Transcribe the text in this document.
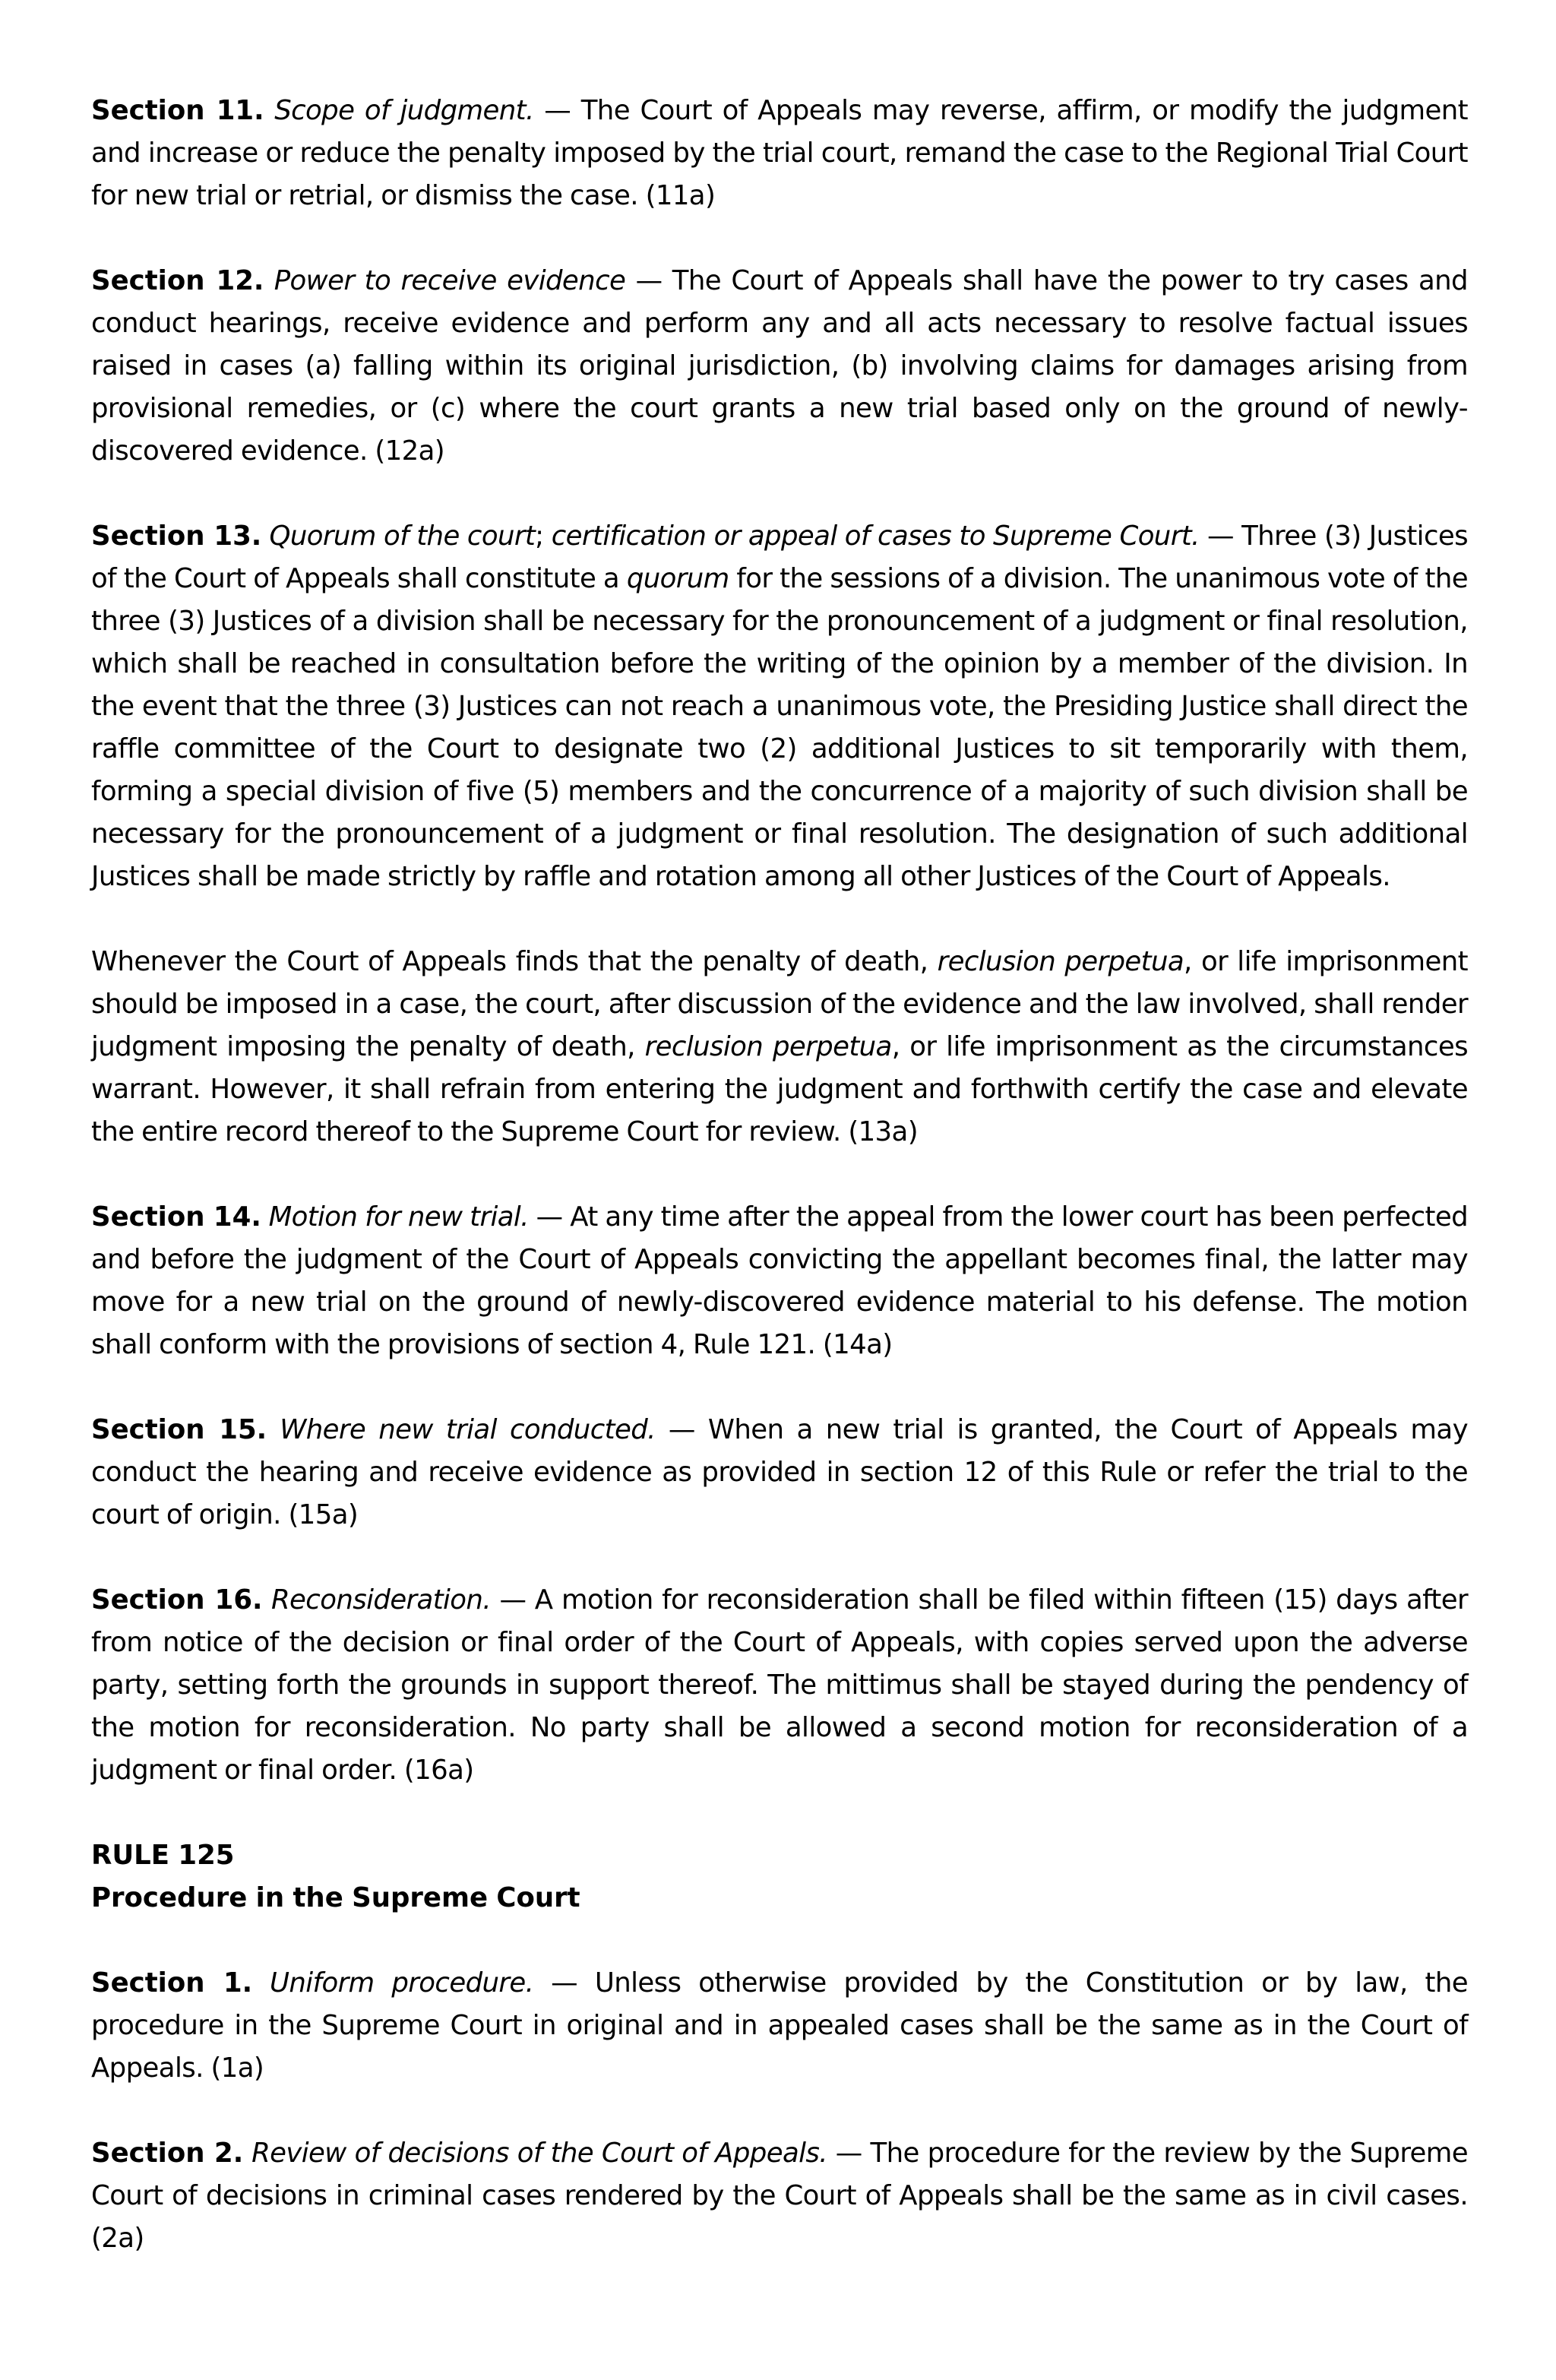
Section 11. Scope of judgment. — The Court of Appeals may reverse, affirm, or modify the judgment and increase or reduce the penalty imposed by the trial court, remand the case to the Regional Trial Court for new trial or retrial, or dismiss the case. (11a)

Section 12. Power to receive evidence — The Court of Appeals shall have the power to try cases and conduct hearings, receive evidence and perform any and all acts necessary to resolve factual issues raised in cases (a) falling within its original jurisdiction, (b) involving claims for damages arising from provisional remedies, or (c) where the court grants a new trial based only on the ground of newly-discovered evidence. (12a)

Section 13. Quorum of the court; certification or appeal of cases to Supreme Court. — Three (3) Justices of the Court of Appeals shall constitute a quorum for the sessions of a division. The unanimous vote of the three (3) Justices of a division shall be necessary for the pronouncement of a judgment or final resolution, which shall be reached in consultation before the writing of the opinion by a member of the division. In the event that the three (3) Justices can not reach a unanimous vote, the Presiding Justice shall direct the raffle committee of the Court to designate two (2) additional Justices to sit temporarily with them, forming a special division of five (5) members and the concurrence of a majority of such division shall be necessary for the pronouncement of a judgment or final resolution. The designation of such additional Justices shall be made strictly by raffle and rotation among all other Justices of the Court of Appeals.

Whenever the Court of Appeals finds that the penalty of death, reclusion perpetua, or life imprisonment should be imposed in a case, the court, after discussion of the evidence and the law involved, shall render judgment imposing the penalty of death, reclusion perpetua, or life imprisonment as the circumstances warrant. However, it shall refrain from entering the judgment and forthwith certify the case and elevate the entire record thereof to the Supreme Court for review. (13a)

Section 14. Motion for new trial. — At any time after the appeal from the lower court has been perfected and before the judgment of the Court of Appeals convicting the appellant becomes final, the latter may move for a new trial on the ground of newly-discovered evidence material to his defense. The motion shall conform with the provisions of section 4, Rule 121. (14a)

Section 15. Where new trial conducted. — When a new trial is granted, the Court of Appeals may conduct the hearing and receive evidence as provided in section 12 of this Rule or refer the trial to the court of origin. (15a)

Section 16. Reconsideration. — A motion for reconsideration shall be filed within fifteen (15) days after from notice of the decision or final order of the Court of Appeals, with copies served upon the adverse party, setting forth the grounds in support thereof. The mittimus shall be stayed during the pendency of the motion for reconsideration. No party shall be allowed a second motion for reconsideration of a judgment or final order. (16a)

RULE 125
Procedure in the Supreme Court

Section 1. Uniform procedure. — Unless otherwise provided by the Constitution or by law, the procedure in the Supreme Court in original and in appealed cases shall be the same as in the Court of Appeals. (1a)

Section 2. Review of decisions of the Court of Appeals. — The procedure for the review by the Supreme Court of decisions in criminal cases rendered by the Court of Appeals shall be the same as in civil cases. (2a)
